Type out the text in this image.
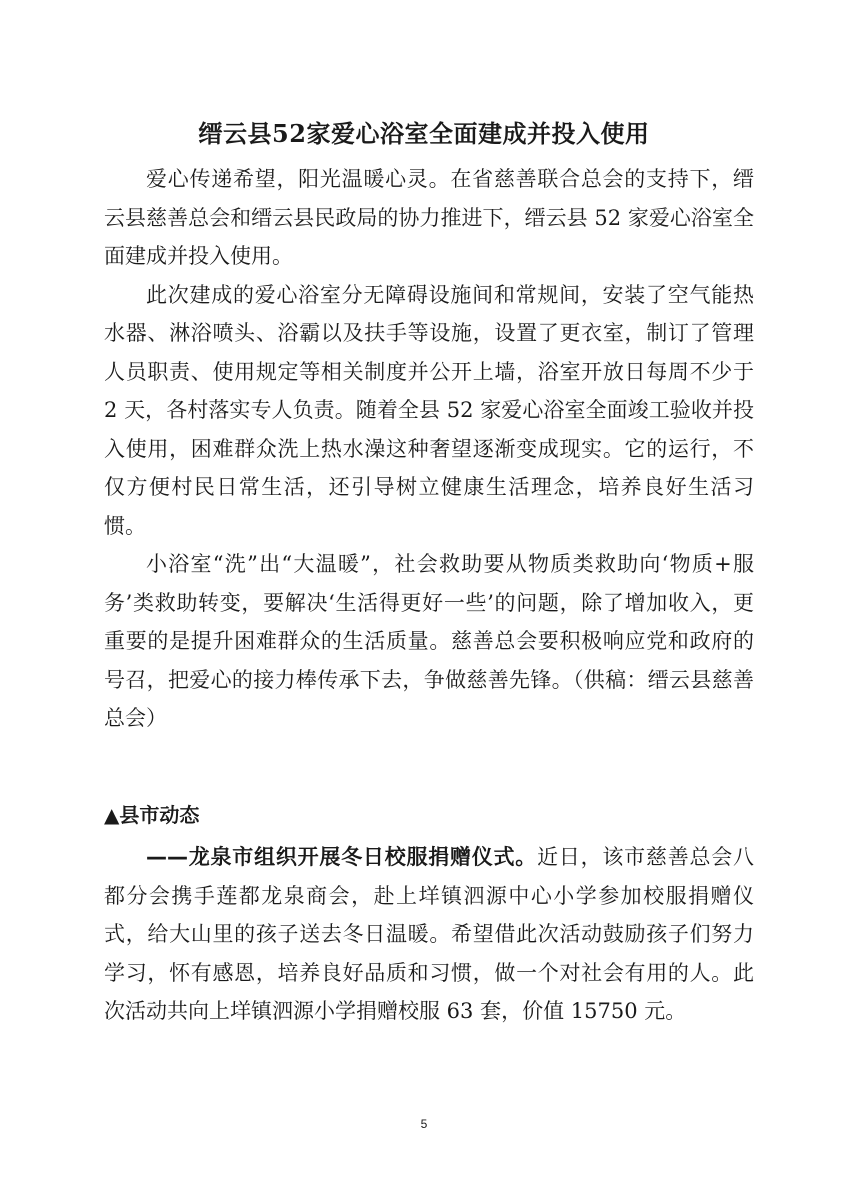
缙云县52家爱心浴室全面建成并投入使用

爱心传递希望，阳光温暖心灵。在省慈善联合总会的支持下，缙云县慈善总会和缙云县民政局的协力推进下，缙云县 52 家爱心浴室全面建成并投入使用。

此次建成的爱心浴室分无障碍设施间和常规间，安装了空气能热水器、淋浴喷头、浴霸以及扶手等设施，设置了更衣室，制订了管理人员职责、使用规定等相关制度并公开上墙，浴室开放日每周不少于 2 天，各村落实专人负责。随着全县 52 家爱心浴室全面竣工验收并投入使用，困难群众洗上热水澡这种奢望逐渐变成现实。它的运行，不仅方便村民日常生活，还引导树立健康生活理念，培养良好生活习惯。

小浴室“洗”出“大温暖”，社会救助要从物质类救助向‘物质+服务’类救助转变，要解决‘生活得更好一些’的问题，除了增加收入，更重要的是提升困难群众的生活质量。慈善总会要积极响应党和政府的号召，把爱心的接力棒传承下去，争做慈善先锋。（供稿：缙云县慈善总会）

▲县市动态

——龙泉市组织开展冬日校服捐赠仪式。近日，该市慈善总会八都分会携手莲都龙泉商会，赴上垟镇泗源中心小学参加校服捐赠仪式，给大山里的孩子送去冬日温暖。希望借此次活动鼓励孩子们努力学习，怀有感恩，培养良好品质和习惯，做一个对社会有用的人。此次活动共向上垟镇泗源小学捐赠校服 63 套，价值 15750 元。

5
